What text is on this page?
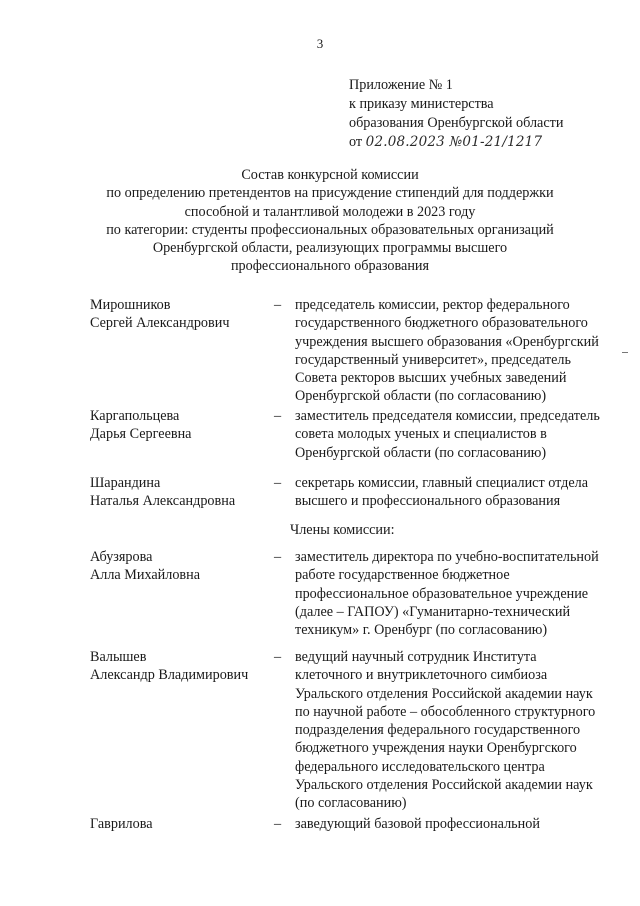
3
Приложение № 1
к приказу министерства
образования Оренбургской области
от 02.08.2023 №01-21/1217
Состав конкурсной комиссии
по определению претендентов на присуждение стипендий для поддержки
способной и талантливой молодежи в 2023 году
по категории: студенты профессиональных образовательных организаций
Оренбургской области, реализующих программы высшего
профессионального образования
Мирошников
Сергей Александрович
– председатель комиссии, ректор федерального
государственного бюджетного образовательного
учреждения высшего образования «Оренбургский
государственный университет», председатель
Совета ректоров высших учебных заведений
Оренбургской области (по согласованию)
Каргапольцева
Дарья Сергеевна
– заместитель председателя комиссии, председатель
совета молодых ученых и специалистов в
Оренбургской области (по согласованию)
Шарандина
Наталья Александровна
– секретарь комиссии, главный специалист отдела
высшего и профессионального образования
Члены комиссии:
Абузярова
Алла Михайловна
– заместитель директора по учебно-воспитательной
работе государственное бюджетное
профессиональное образовательное учреждение
(далее – ГАПОУ) «Гуманитарно-технический
техникум» г. Оренбург (по согласованию)
Валышев
Александр Владимирович
– ведущий научный сотрудник Института
клеточного и внутриклеточного симбиоза
Уральского отделения Российской академии наук
по научной работе – обособленного структурного
подразделения федерального государственного
бюджетного учреждения науки Оренбургского
федерального исследовательского центра
Уральского отделения Российской академии наук
(по согласованию)
Гаврилова	– заведующий базовой профессиональной
